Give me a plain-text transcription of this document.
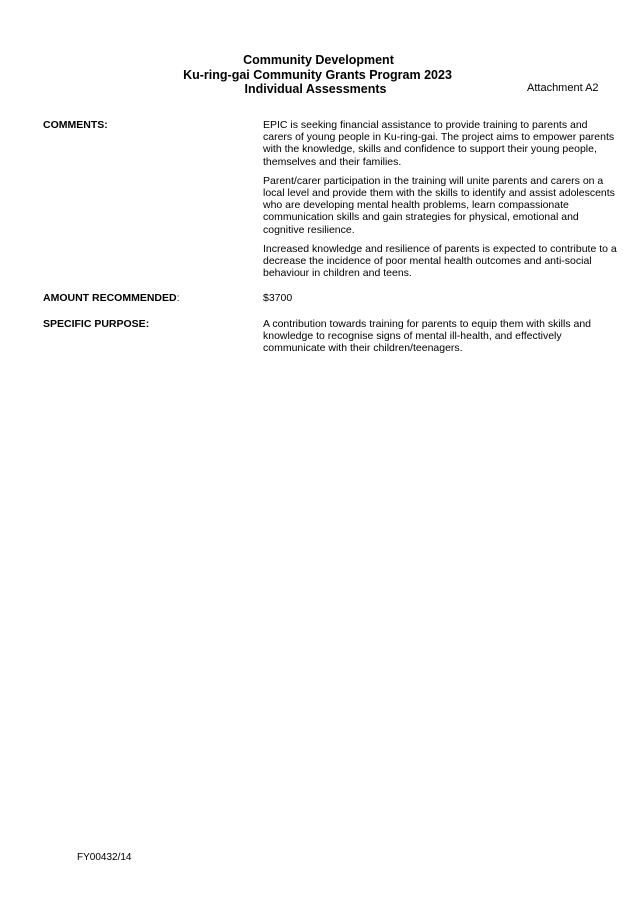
Community Development
Ku-ring-gai Community Grants Program 2023
Individual Assessments	Attachment A2
COMMENTS:	EPIC is seeking financial assistance to provide training to parents and carers of young people in Ku-ring-gai. The project aims to empower parents with the knowledge, skills and confidence to support their young people, themselves and their families.

Parent/carer participation in the training will unite parents and carers on a local level and provide them with the skills to identify and assist adolescents who are developing mental health problems, learn compassionate communication skills and gain strategies for physical, emotional and cognitive resilience.

Increased knowledge and resilience of parents is expected to contribute to a decrease the incidence of poor mental health outcomes and anti-social behaviour in children and teens.

AMOUNT RECOMMENDED:	$3700
SPECIFIC PURPOSE:	A contribution towards training for parents to equip them with skills and knowledge to recognise signs of mental ill-health, and effectively communicate with their children/teenagers.
FY00432/14
